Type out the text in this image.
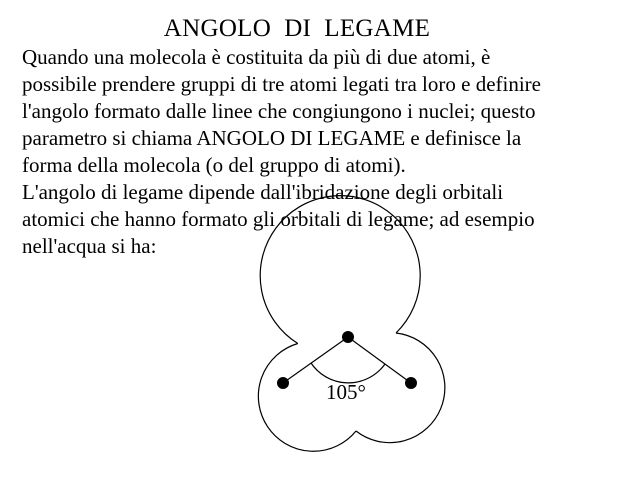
ANGOLO  DI  LEGAME
Quando una molecola è costituita da più di due atomi, è
possibile prendere gruppi di tre atomi legati tra loro e definire
l'angolo formato dalle linee che congiungono i nuclei; questo
parametro si chiama ANGOLO DI LEGAME e definisce la
forma della molecola (o del gruppo di atomi).
L'angolo di legame dipende dall'ibridazione degli orbitali
atomici che hanno formato gli orbitali di legame; ad esempio
nell'acqua si ha:
105°
